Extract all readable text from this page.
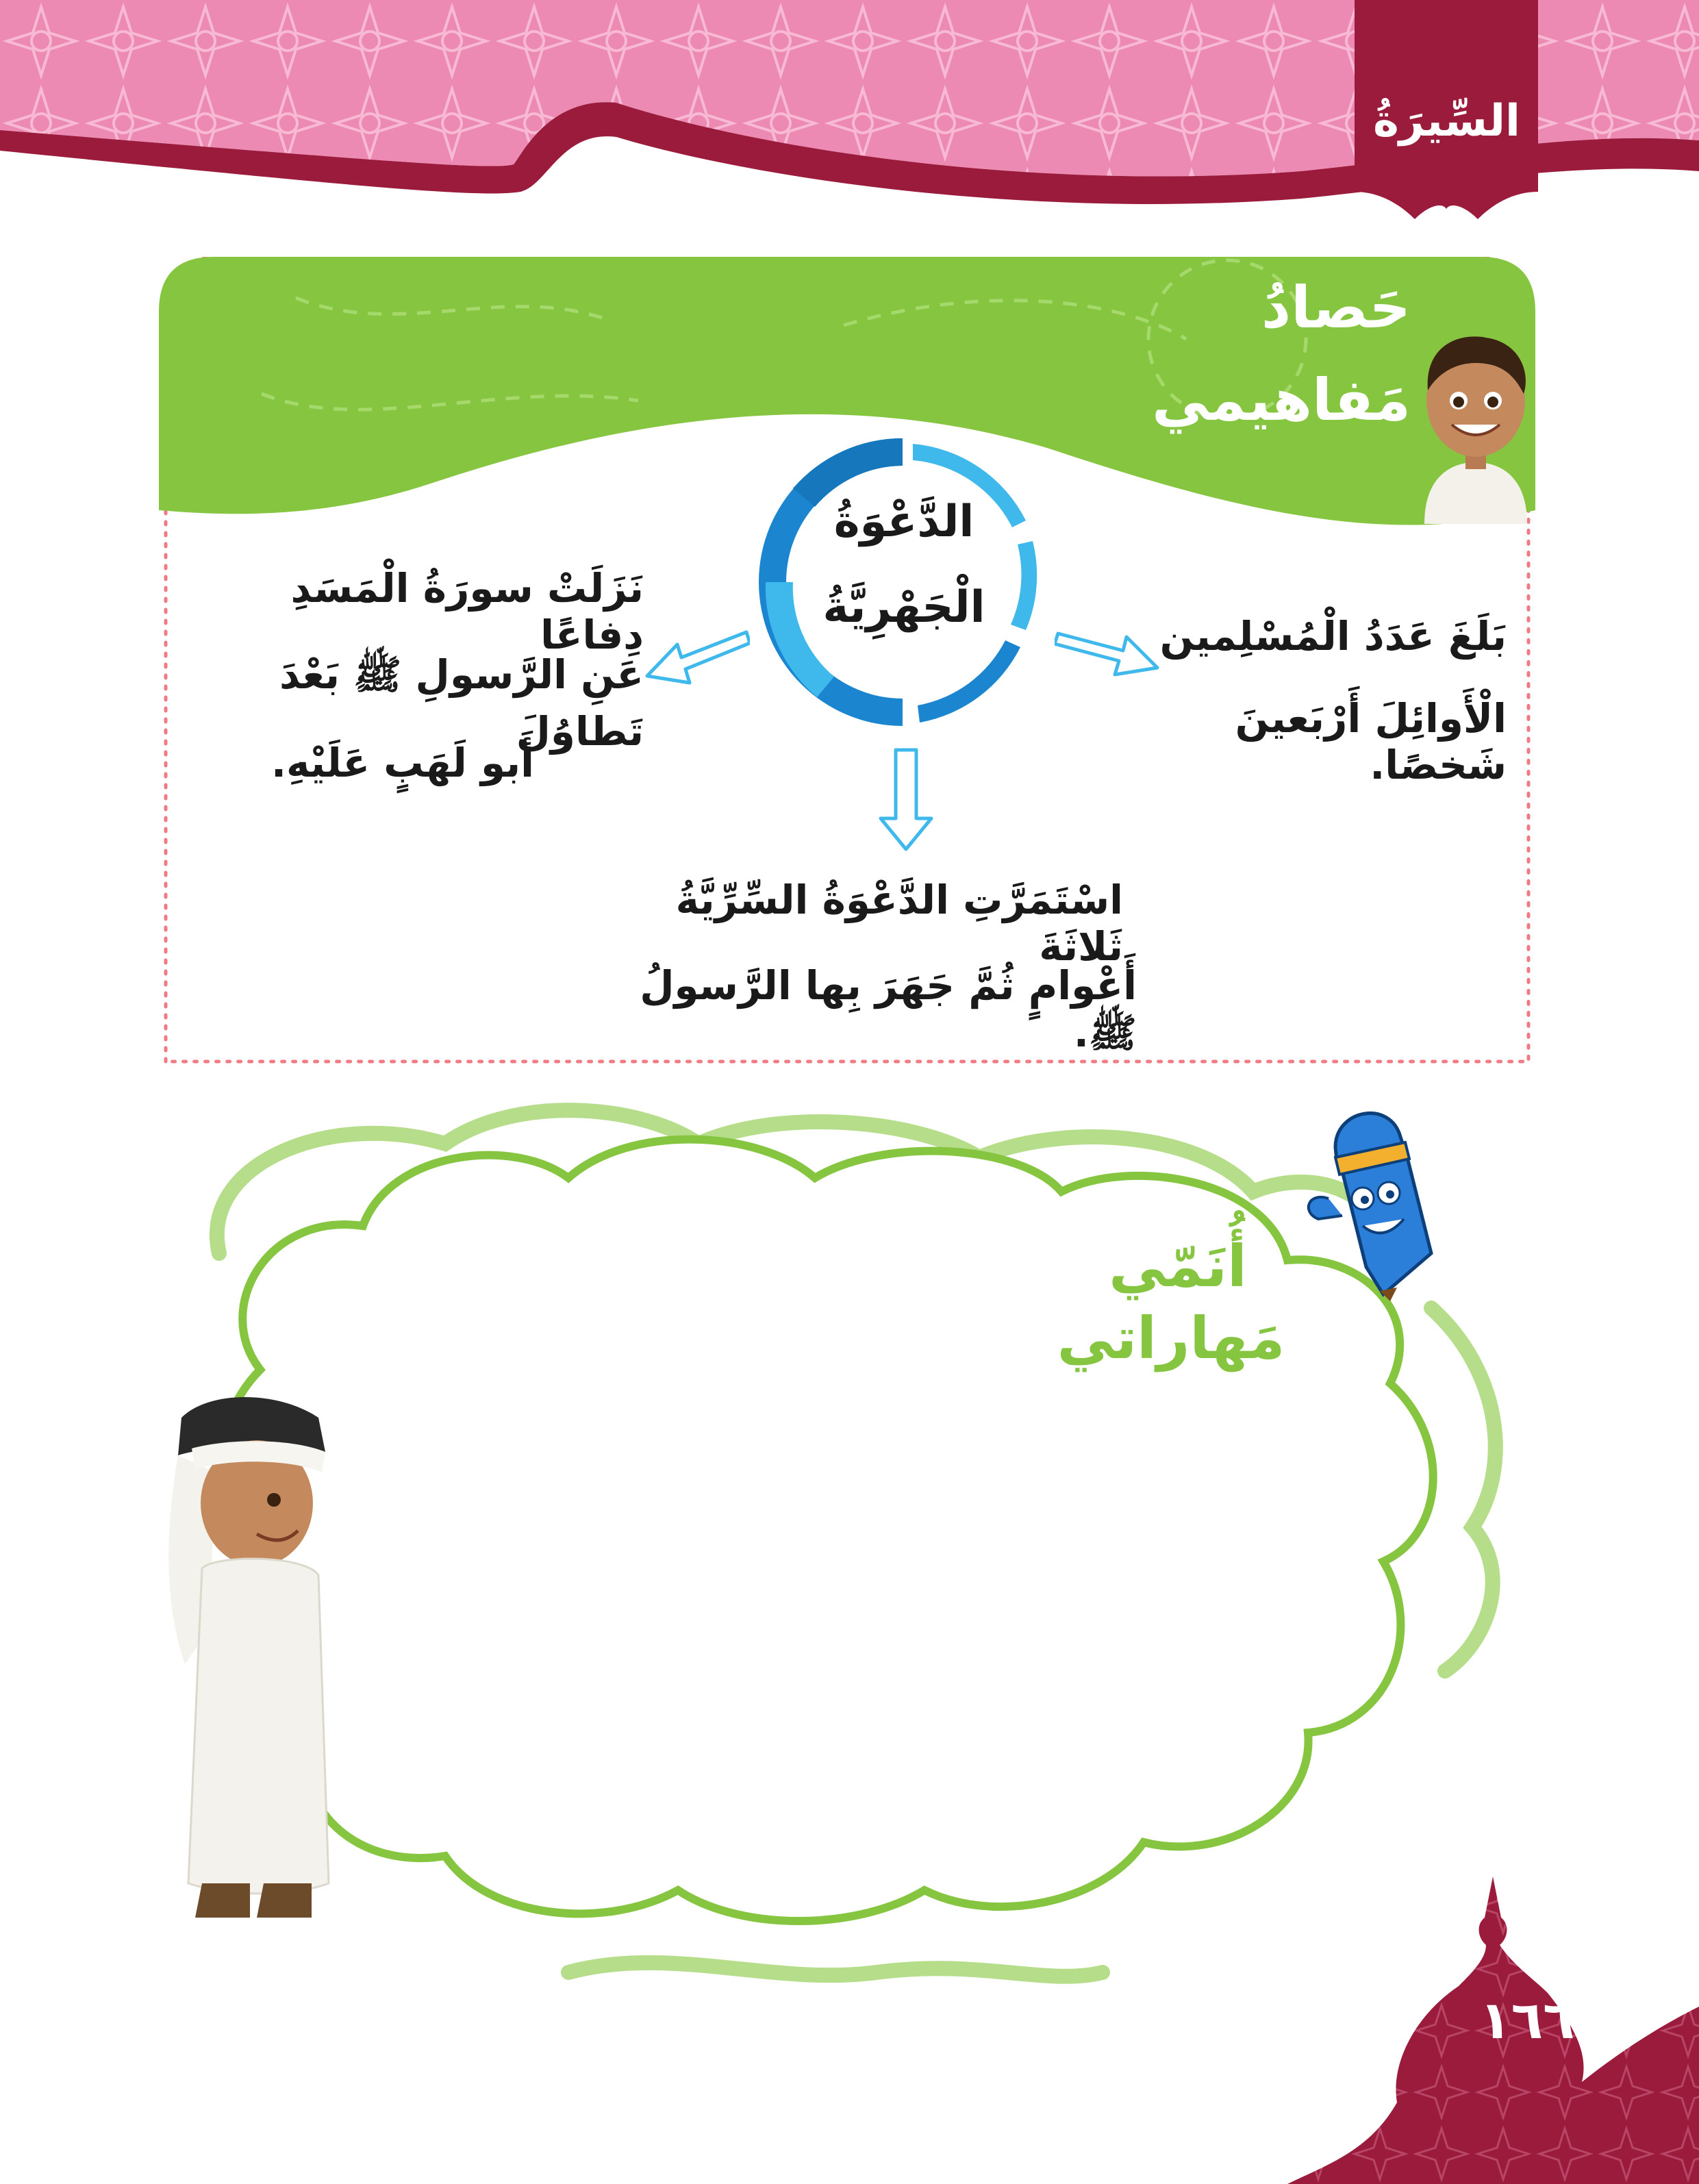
السِّيرَةُ
حَصادُ
مَفاهيمي
الدَّعْوَةُ
الْجَهْرِيَّةُ
بَلَغَ عَدَدُ الْمُسْلِمين
الْأَوائِلَ أَرْبَعينَ شَخصًا.
نَزَلَتْ سورَةُ الْمَسَدِ دِفاعًا
عَنِ الرَّسولِ ﷺ بَعْدَ تَطاوُلَ
أَبو لَهَبٍ عَلَيْهِ.
اسْتَمَرَّتِ الدَّعْوَةُ السِّرِّيَّةُ ثَلاثَةَ
أَعْوامٍ ثُمَّ جَهَرَ بِها الرَّسولُ ﷺ.
أُنَمّي
مَهاراتي
١٦٦
